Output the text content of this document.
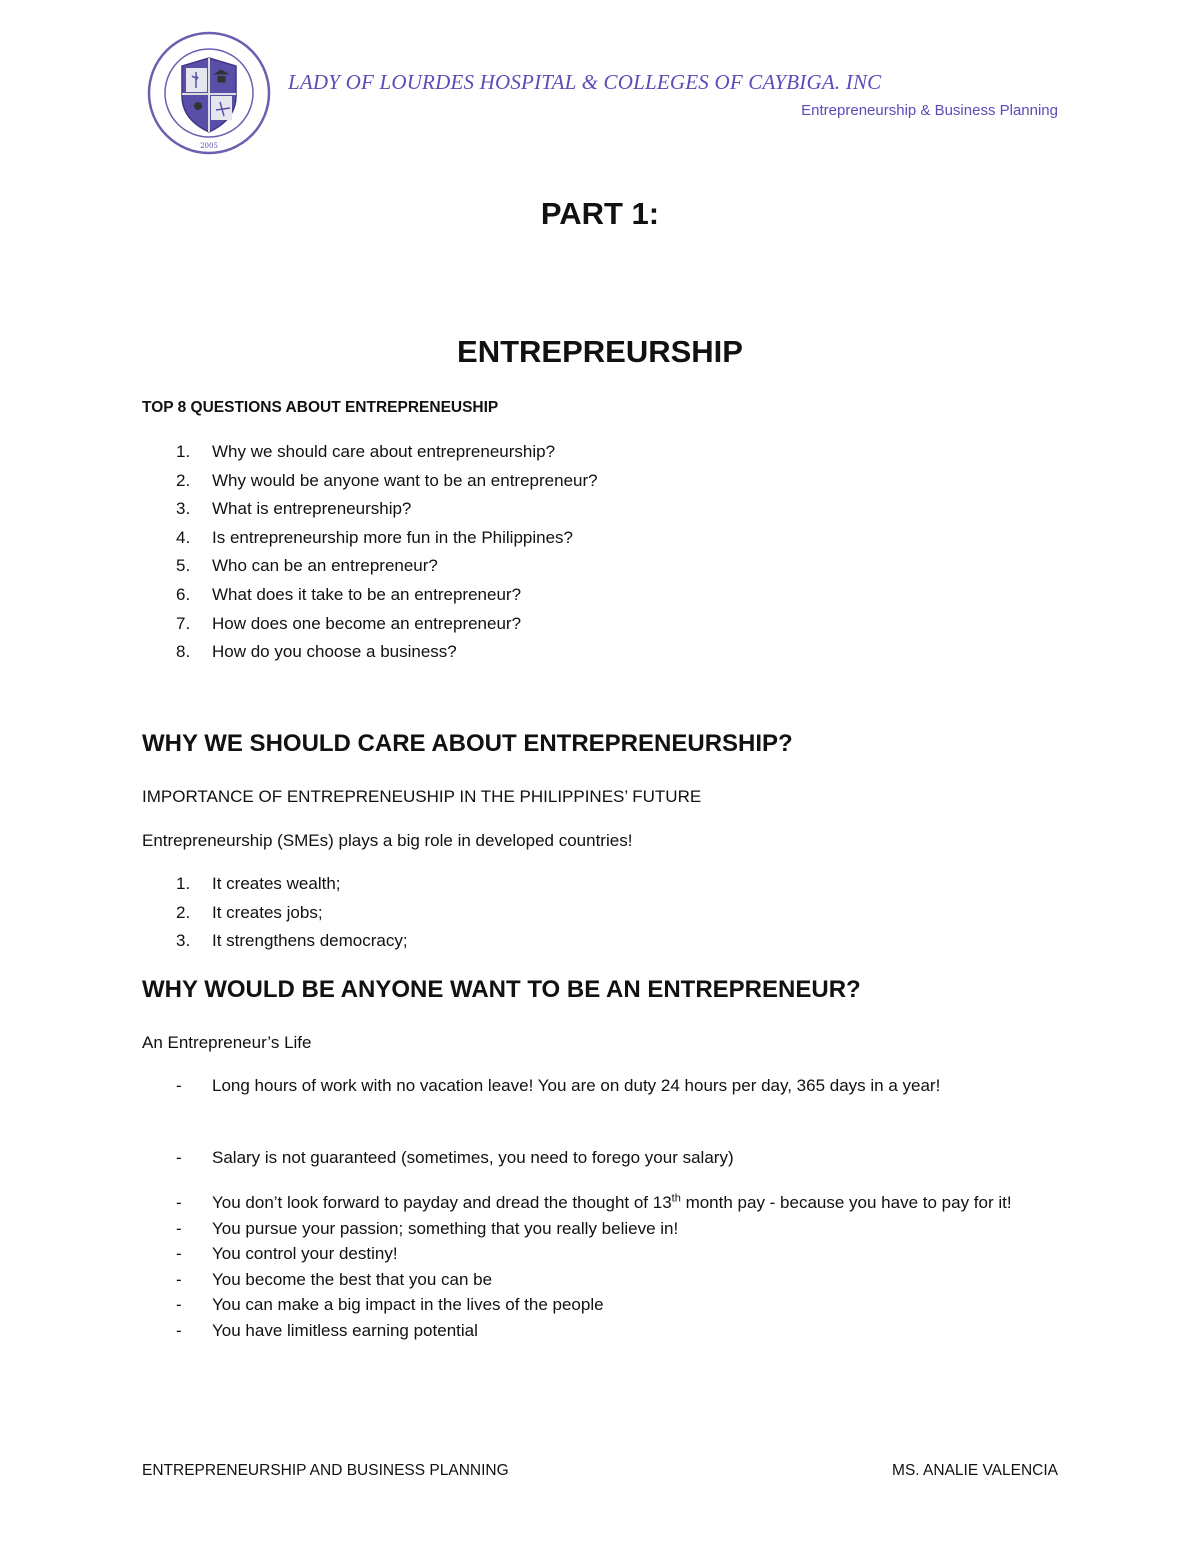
2005
LADY OF LOURDES HOSPITAL & COLLEGES OF CAYBIGA. INC
Entrepreneurship & Business Planning
PART 1:
ENTREPREURSHIP
TOP 8 QUESTIONS ABOUT ENTREPRENEUSHIP
1.	Why we should care about entrepreneurship?
2.	Why would be anyone want to be an entrepreneur?
3.	What is entrepreneurship?
4.	Is entrepreneurship more fun in the Philippines?
5.	Who can be an entrepreneur?
6.	What does it take to be an entrepreneur?
7.	How does one become an entrepreneur?
8.	How do you choose a business?
WHY WE SHOULD CARE ABOUT ENTREPRENEURSHIP?
IMPORTANCE OF ENTREPRENEUSHIP IN THE PHILIPPINES’ FUTURE
Entrepreneurship (SMEs) plays a big role in developed countries!
1.	It creates wealth;
2.	It creates jobs;
3.	It strengthens democracy;
WHY WOULD BE ANYONE WANT TO BE AN ENTREPRENEUR?
An Entrepreneur’s Life
- Long hours of work with no vacation leave! You are on duty 24 hours per day, 365 days in a year!
- Salary is not guaranteed (sometimes, you need to forego your salary)
- You don’t look forward to payday and dread the thought of 13th month pay - because you have to pay for it!
- You pursue your passion; something that you really believe in!
- You control your destiny!
- You become the best that you can be
- You can make a big impact in the lives of the people
- You have limitless earning potential
ENTREPRENEURSHIP AND BUSINESS PLANNING	MS. ANALIE VALENCIA
